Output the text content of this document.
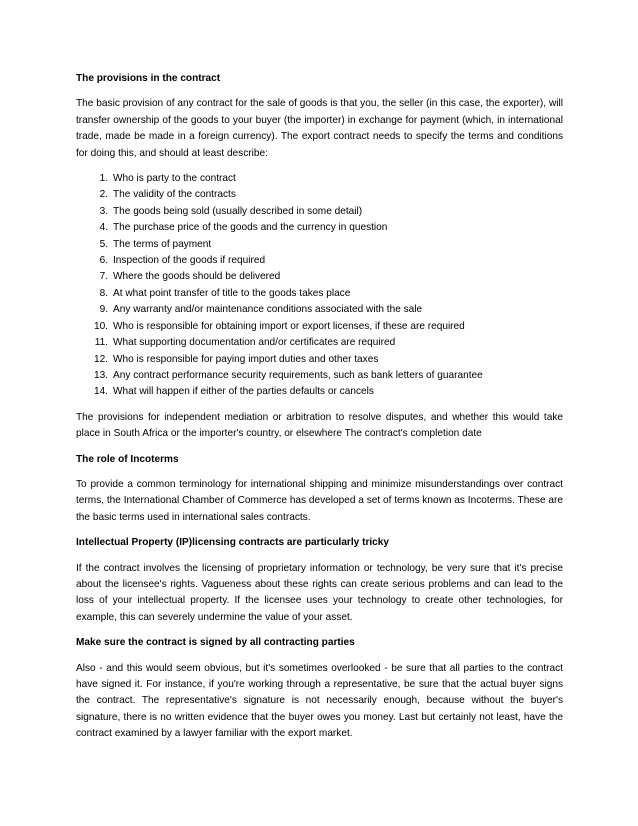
The provisions in the contract

The basic provision of any contract for the sale of goods is that you, the seller (in this case, the exporter), will transfer ownership of the goods to your buyer (the importer) in exchange for payment (which, in international trade, made be made in a foreign currency). The export contract needs to specify the terms and conditions for doing this, and should at least describe:

1. Who is party to the contract
2. The validity of the contracts
3. The goods being sold (usually described in some detail)
4. The purchase price of the goods and the currency in question
5. The terms of payment
6. Inspection of the goods if required
7. Where the goods should be delivered
8. At what point transfer of title to the goods takes place
9. Any warranty and/or maintenance conditions associated with the sale
10. Who is responsible for obtaining import or export licenses, if these are required
11. What supporting documentation and/or certificates are required
12. Who is responsible for paying import duties and other taxes
13. Any contract performance security requirements, such as bank letters of guarantee
14. What will happen if either of the parties defaults or cancels

The provisions for independent mediation or arbitration to resolve disputes, and whether this would take place in South Africa or the importer's country, or elsewhere The contract's completion date

The role of Incoterms

To provide a common terminology for international shipping and minimize misunderstandings over contract terms, the International Chamber of Commerce has developed a set of terms known as Incoterms. These are the basic terms used in international sales contracts.

Intellectual Property (IP)licensing contracts are particularly tricky

If the contract involves the licensing of proprietary information or technology, be very sure that it's precise about the licensee's rights. Vagueness about these rights can create serious problems and can lead to the loss of your intellectual property. If the licensee uses your technology to create other technologies, for example, this can severely undermine the value of your asset.

Make sure the contract is signed by all contracting parties

Also - and this would seem obvious, but it's sometimes overlooked - be sure that all parties to the contract have signed it. For instance, if you're working through a representative, be sure that the actual buyer signs the contract. The representative's signature is not necessarily enough, because without the buyer's signature, there is no written evidence that the buyer owes you money. Last but certainly not least, have the contract examined by a lawyer familiar with the export market.
